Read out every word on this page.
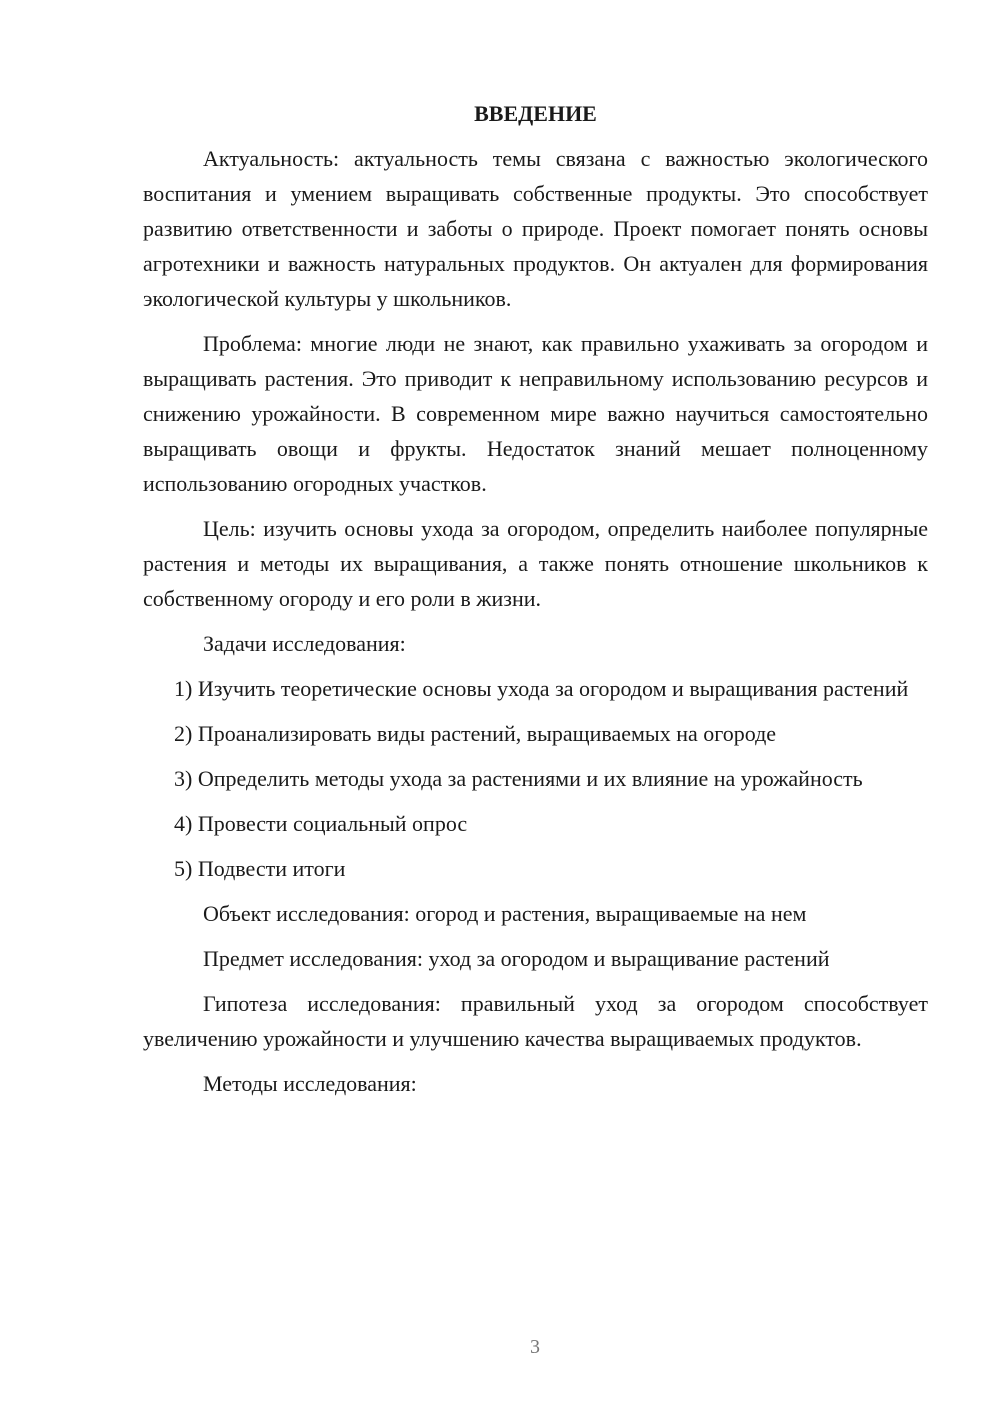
ВВЕДЕНИЕ
Актуальность: актуальность темы связана с важностью экологического воспитания и умением выращивать собственные продукты. Это способствует развитию ответственности и заботы о природе. Проект помогает понять основы агротехники и важность натуральных продуктов. Он актуален для формирования экологической культуры у школьников.
Проблема: многие люди не знают, как правильно ухаживать за огородом и выращивать растения. Это приводит к неправильному использованию ресурсов и снижению урожайности. В современном мире важно научиться самостоятельно выращивать овощи и фрукты. Недостаток знаний мешает полноценному использованию огородных участков.
Цель: изучить основы ухода за огородом, определить наиболее популярные растения и методы их выращивания, а также понять отношение школьников к собственному огороду и его роли в жизни.
Задачи исследования:
1) Изучить теоретические основы ухода за огородом и выращивания растений
2) Проанализировать виды растений, выращиваемых на огороде
3) Определить методы ухода за растениями и их влияние на урожайность
4) Провести социальный опрос
5) Подвести итоги
Объект исследования: огород и растения, выращиваемые на нем
Предмет исследования: уход за огородом и выращивание растений
Гипотеза исследования: правильный уход за огородом способствует увеличению урожайности и улучшению качества выращиваемых продуктов.
Методы исследования:
3
